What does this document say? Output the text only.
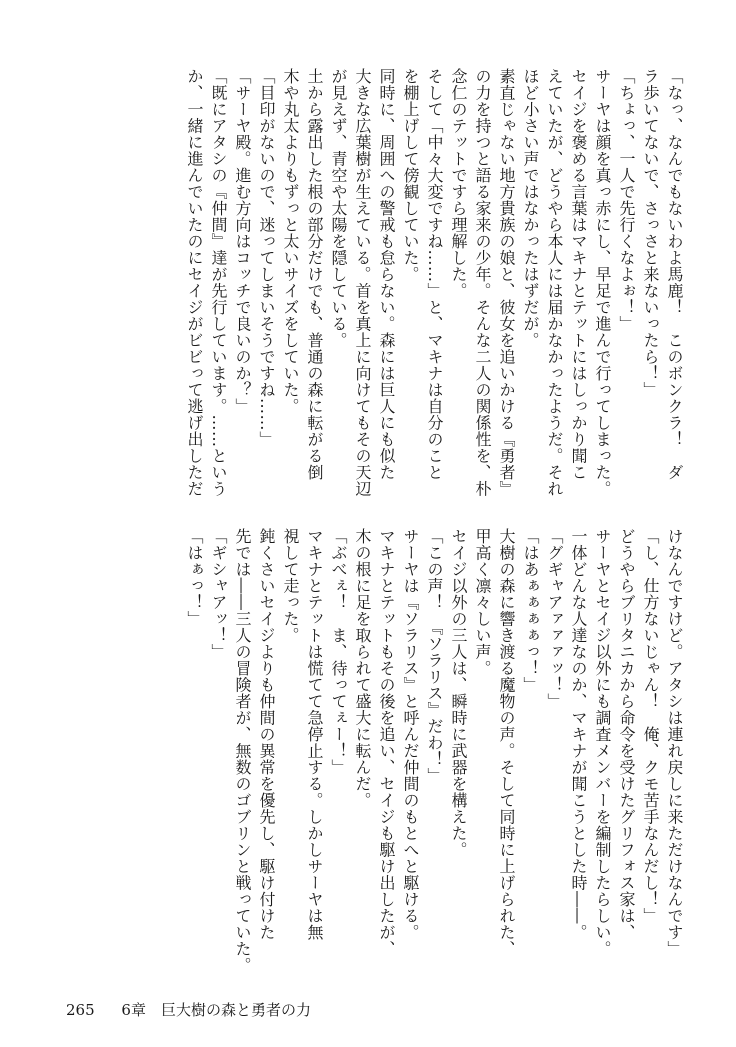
「なっ、なんでもないわよ馬鹿！　このボンクラ！　ダ
ラ歩いてないで、さっさと来ないったら！」
「ちょっ、一人で先行くなよぉ！」
サーヤは顔を真っ赤にし、早足で進んで行ってしまった。
セイジを褒める言葉はマキナとテットにはしっかり聞こ
えていたが、どうやら本人には届かなかったようだ。それ
ほど小さい声ではなかったはずだが。
素直じゃない地方貴族の娘と、彼女を追いかける『勇者』
の力を持つと語る家来の少年。そんな二人の関係性を、朴
念仁のテットですら理解した。
そして「中々大変ですね……」と、マキナは自分のこと
を棚上げして傍観していた。
同時に、周囲への警戒も怠らない。森には巨人にも似た
大きな広葉樹が生えている。首を真上に向けてもその天辺
が見えず、青空や太陽を隠している。
土から露出した根の部分だけでも、普通の森に転がる倒
木や丸太よりもずっと太いサイズをしていた。
「目印がないので、迷ってしまいそうですね……」
「サーヤ殿。進む方向はコッチで良いのか？」
「既にアタシの『仲間』達が先行しています。……という
か、一緒に進んでいたのにセイジがビビって逃げ出しただ
けなんですけど。アタシは連れ戻しに来ただけなんです」
「し、仕方ないじゃん！　俺、クモ苦手なんだし！」
どうやらブリタニカから命令を受けたグリフォス家は、
サーヤとセイジ以外にも調査メンバーを編制したらしい。
一体どんな人達なのか、マキナが聞こうとした時――。
「グギャアァァァッ！」
「はあぁぁぁぁっ！」
大樹の森に響き渡る魔物の声。そして同時に上げられた、
甲高く凛々しい声。
セイジ以外の三人は、瞬時に武器を構えた。
「この声！　『ソラリス』だわ！」
サーヤは『ソラリス』と呼んだ仲間のもとへと駆ける。
マキナとテットもその後を追い、セイジも駆け出したが、
木の根に足を取られて盛大に転んだ。
「ぶべぇ！　ま、待ってぇー！」
マキナとテットは慌てて急停止する。しかしサーヤは無
視して走った。
鈍くさいセイジよりも仲間の異常を優先し、駆け付けた
先では――三人の冒険者が、無数のゴブリンと戦っていた。
「ギシャアッ！」
「はぁっ！」
265 6章　巨大樹の森と勇者の力
